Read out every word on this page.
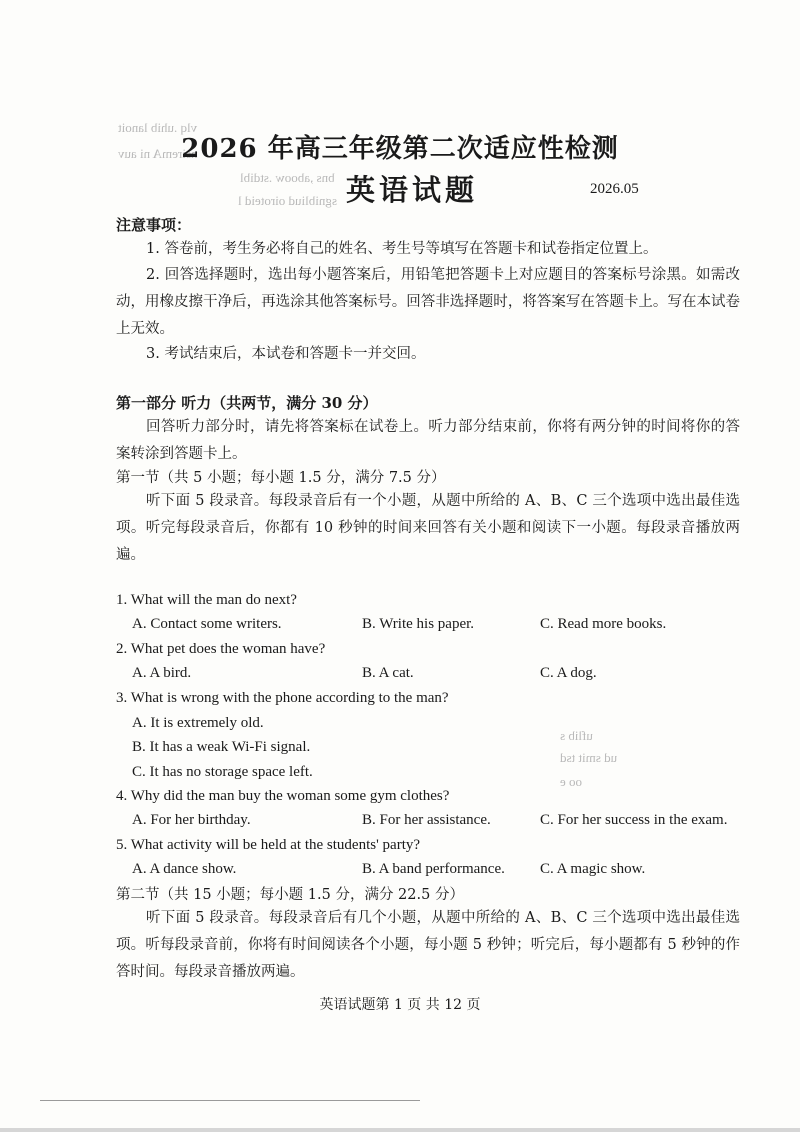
vlq .uhib lanoit
nsiremA ni auv
bns ,aboow .stdibl
sgnibliud oiroteid l
uflib s
ud smit tsd
oo e
2026 年高三年级第二次适应性检测
英语试题	2026.05
注意事项：
1. 答卷前，考生务必将自己的姓名、考生号等填写在答题卡和试卷指定位置上。
2. 回答选择题时，选出每小题答案后，用铅笔把答题卡上对应题目的答案标号涂黑。如需改动，用橡皮擦干净后，再选涂其他答案标号。回答非选择题时，将答案写在答题卡上。写在本试卷上无效。
3. 考试结束后，本试卷和答题卡一并交回。
第一部分 听力（共两节，满分 30 分）
回答听力部分时，请先将答案标在试卷上。听力部分结束前，你将有两分钟的时间将你的答案转涂到答题卡上。
第一节（共 5 小题；每小题 1.5 分，满分 7.5 分）
听下面 5 段录音。每段录音后有一个小题，从题中所给的 A、B、C 三个选项中选出最佳选项。听完每段录音后，你都有 10 秒钟的时间来回答有关小题和阅读下一小题。每段录音播放两遍。
1. What will the man do next?
A. Contact some writers.	B. Write his paper.	C. Read more books.
2. What pet does the woman have?
A. A bird.	B. A cat.	C. A dog.
3. What is wrong with the phone according to the man?
A. It is extremely old.
B. It has a weak Wi-Fi signal.
C. It has no storage space left.
4. Why did the man buy the woman some gym clothes?
A. For her birthday.	B. For her assistance.	C. For her success in the exam.
5. What activity will be held at the students' party?
A. A dance show.	B. A band performance. C. A magic show.
第二节（共 15 小题；每小题 1.5 分，满分 22.5 分）
听下面 5 段录音。每段录音后有几个小题，从题中所给的 A、B、C 三个选项中选出最佳选项。听每段录音前，你将有时间阅读各个小题，每小题 5 秒钟；听完后，每小题都有 5 秒钟的作答时间。每段录音播放两遍。
英语试题第 1 页 共 12 页
